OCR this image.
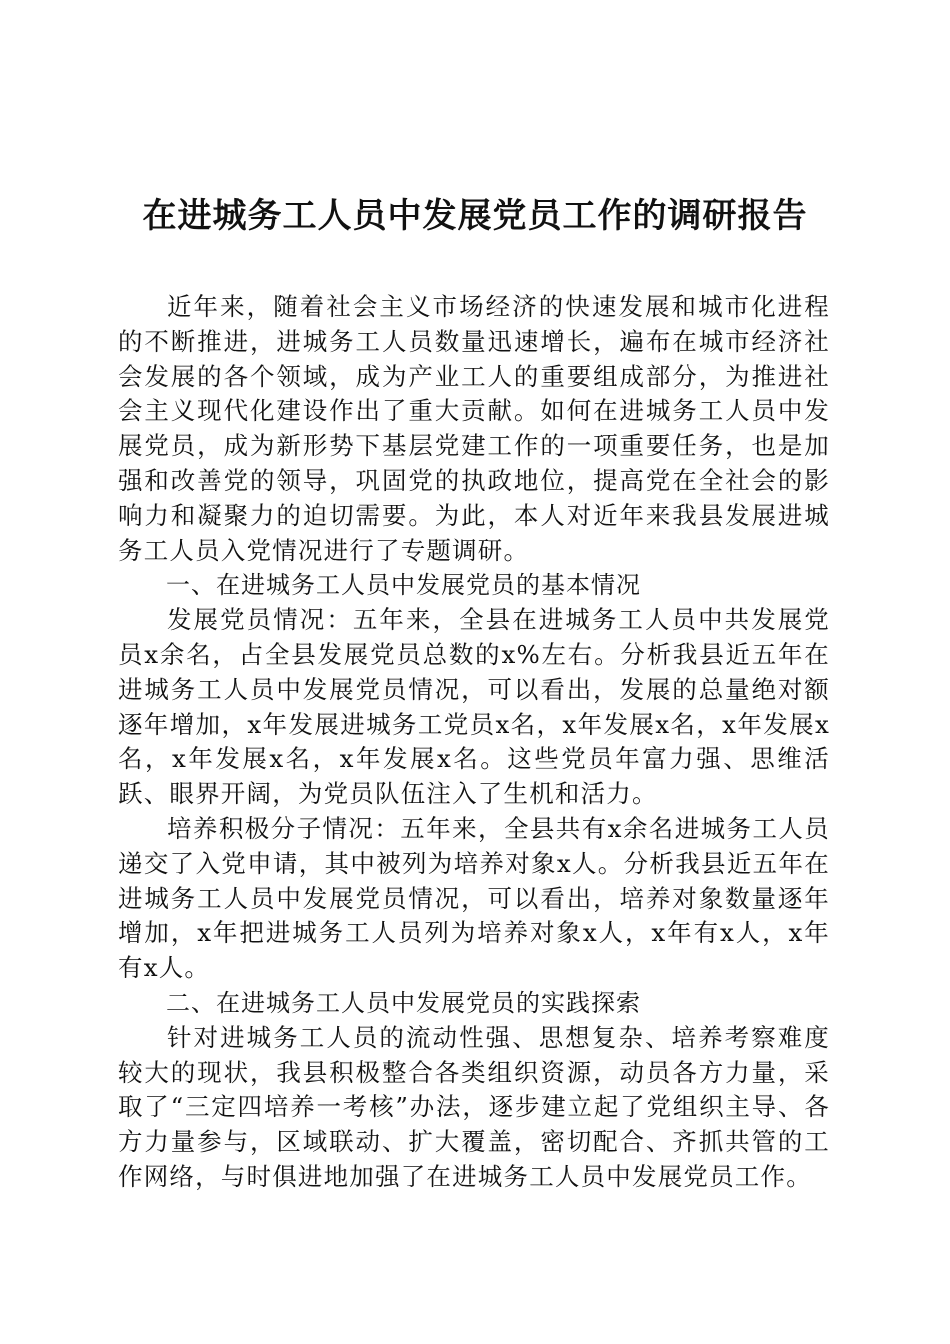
在进城务工人员中发展党员工作的调研报告

近年来，随着社会主义市场经济的快速发展和城市化进程的不断推进，进城务工人员数量迅速增长，遍布在城市经济社会发展的各个领域，成为产业工人的重要组成部分，为推进社会主义现代化建设作出了重大贡献。如何在进城务工人员中发展党员，成为新形势下基层党建工作的一项重要任务，也是加强和改善党的领导，巩固党的执政地位，提高党在全社会的影响力和凝聚力的迫切需要。为此，本人对近年来我县发展进城务工人员入党情况进行了专题调研。

一、在进城务工人员中发展党员的基本情况

发展党员情况：五年来，全县在进城务工人员中共发展党员x余名，占全县发展党员总数的x%左右。分析我县近五年在进城务工人员中发展党员情况，可以看出，发展的总量绝对额逐年增加，x年发展进城务工党员x名，x年发展x名，x年发展x名，x年发展x名，x年发展x名。这些党员年富力强、思维活跃、眼界开阔，为党员队伍注入了生机和活力。

培养积极分子情况：五年来，全县共有x余名进城务工人员递交了入党申请，其中被列为培养对象x人。分析我县近五年在进城务工人员中发展党员情况，可以看出，培养对象数量逐年增加，x年把进城务工人员列为培养对象x人，x年有x人，x年有x人。

二、在进城务工人员中发展党员的实践探索

针对进城务工人员的流动性强、思想复杂、培养考察难度较大的现状，我县积极整合各类组织资源，动员各方力量，采取了“三定四培养一考核”办法，逐步建立起了党组织主导、各方力量参与，区域联动、扩大覆盖，密切配合、齐抓共管的工作网络，与时俱进地加强了在进城务工人员中发展党员工作。
